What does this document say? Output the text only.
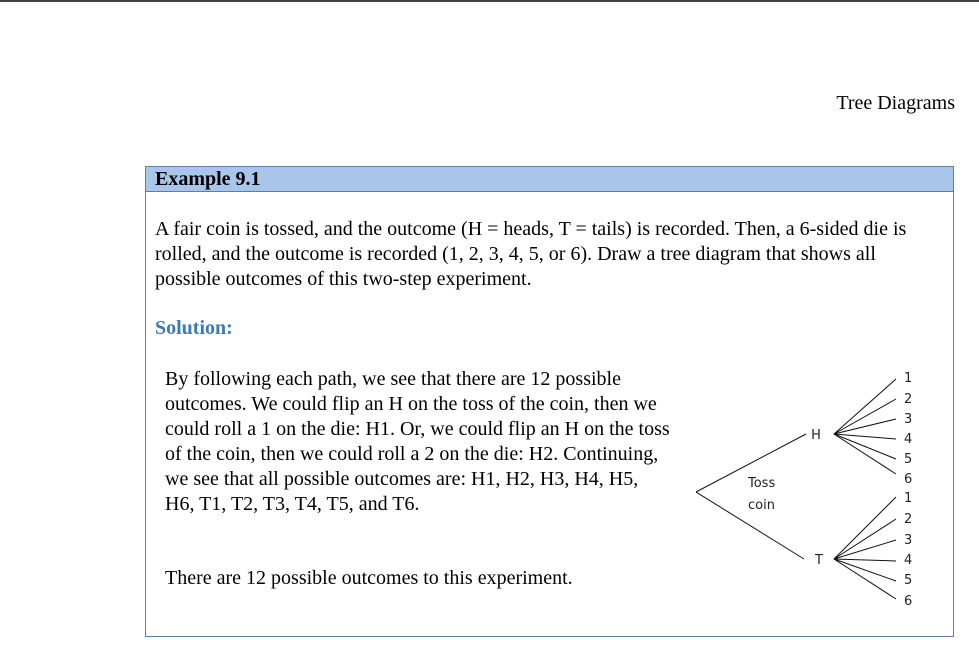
Tree Diagrams
Example 9.1

A fair coin is tossed, and the outcome (H = heads, T = tails) is recorded. Then, a 6-sided die is rolled, and the outcome is recorded (1, 2, 3, 4, 5, or 6). Draw a tree diagram that shows all possible outcomes of this two-step experiment.

Solution:

By following each path, we see that there are 12 possible outcomes. We could flip an H on the toss of the coin, then we could roll a 1 on the die: H1. Or, we could flip an H on the toss of the coin, then we could roll a 2 on the die: H2. Continuing, we see that all possible outcomes are: H1, H2, H3, H4, H5, H6, T1, T2, T3, T4, T5, and T6.

There are 12 possible outcomes to this experiment.

Toss
coin
H
T
1
2
3
4
5
6
1
2
3
4
5
6
